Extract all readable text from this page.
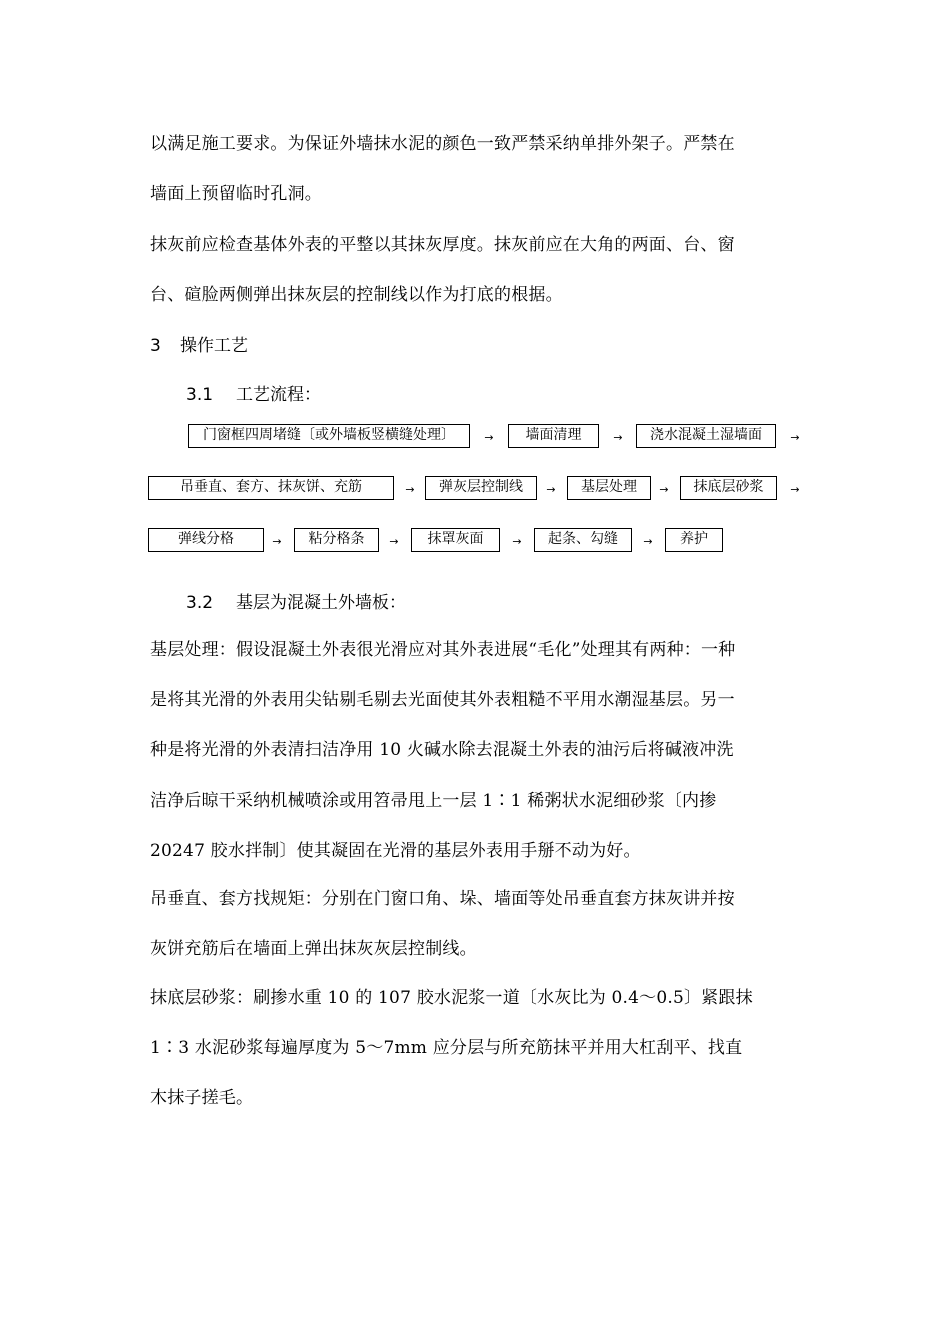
以满足施工要求。为保证外墙抹水泥的颜色一致严禁采纳单排外架子。严禁在
墙面上预留临时孔洞。
抹灰前应检查基体外表的平整以其抹灰厚度。抹灰前应在大角的两面、台、窗
台、碹脸两侧弹出抹灰层的控制线以作为打底的根据。
3 操作工艺
3.1 工艺流程：
门窗框四周堵缝〔或外墙板竖横缝处理〕	→	墙面清理	→	浇水混凝土湿墙面	→
吊垂直、套方、抹灰饼、充筋	→	弹灰层控制线	→	基层处理	→	抹底层砂浆	→
弹线分格	→	粘分格条	→	抹罩灰面	→	起条、勾缝	→	养护
3.2 基层为混凝土外墙板：
基层处理：假设混凝土外表很光滑应对其外表进展“毛化”处理其有两种：一种
是将其光滑的外表用尖钻剔毛剔去光面使其外表粗糙不平用水潮湿基层。另一
种是将光滑的外表清扫洁净用 10 火碱水除去混凝土外表的油污后将碱液冲洗
洁净后晾干采纳机械喷涂或用笤帚甩上一层 1∶1 稀粥状水泥细砂浆〔内掺
20247 胶水拌制〕使其凝固在光滑的基层外表用手掰不动为好。
吊垂直、套方找规矩：分别在门窗口角、垛、墙面等处吊垂直套方抹灰讲并按
灰饼充筋后在墙面上弹出抹灰灰层控制线。
抹底层砂浆：刷掺水重 10 的 107 胶水泥浆一道〔水灰比为 0.4～0.5〕紧跟抹
1∶3 水泥砂浆每遍厚度为 5～7mm 应分层与所充筋抹平并用大杠刮平、找直
木抹子搓毛。
